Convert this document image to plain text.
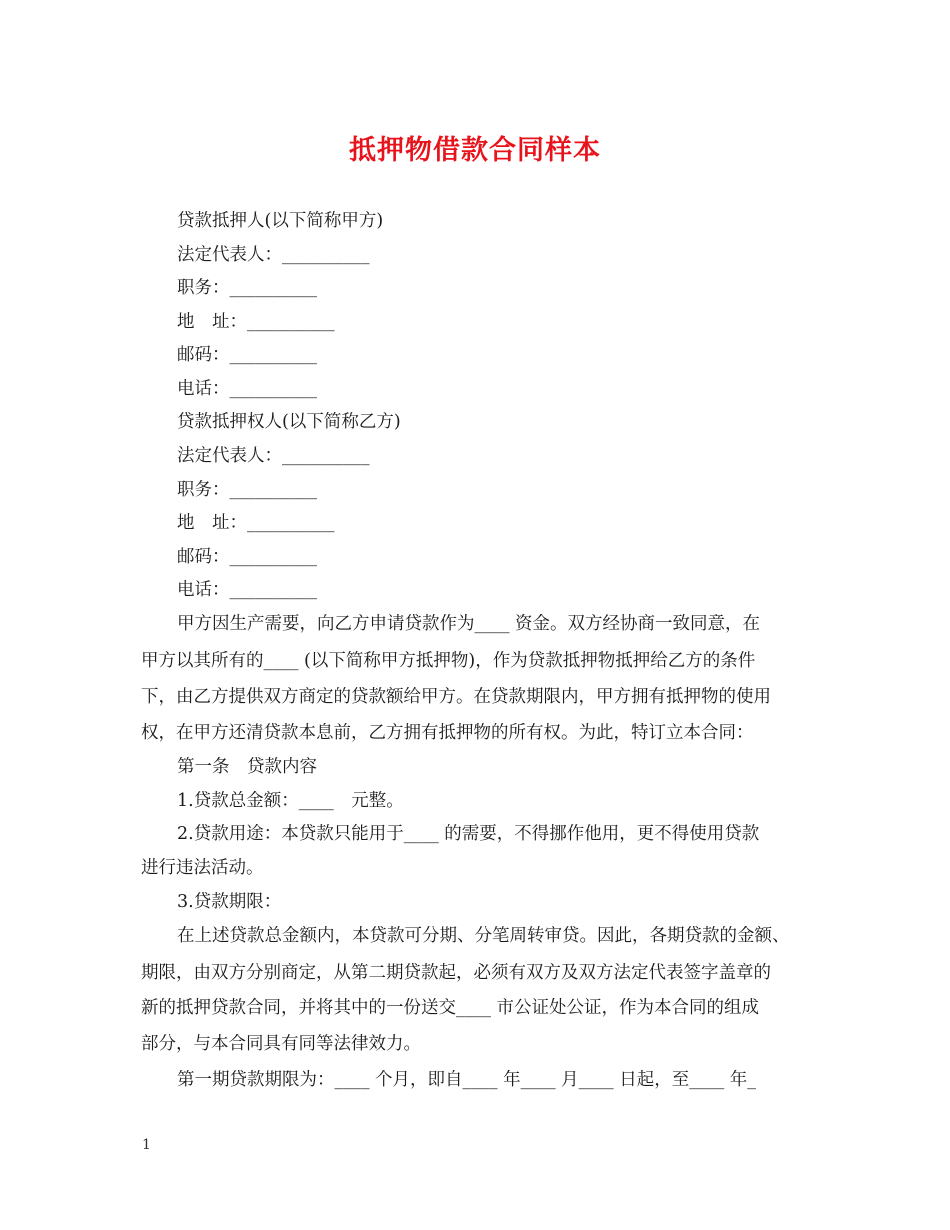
抵押物借款合同样本
贷款抵押人(以下简称甲方)
法定代表人：__________
职务：__________
地　址：__________
邮码：__________
电话：__________
贷款抵押权人(以下简称乙方)
法定代表人：__________
职务：__________
地　址：__________
邮码：__________
电话：__________
甲方因生产需要，向乙方申请贷款作为____ 资金。双方经协商一致同意，在
甲方以其所有的____ (以下简称甲方抵押物)，作为贷款抵押物抵押给乙方的条件
下，由乙方提供双方商定的贷款额给甲方。在贷款期限内，甲方拥有抵押物的使用
权，在甲方还清贷款本息前，乙方拥有抵押物的所有权。为此，特订立本合同：
第一条　贷款内容
1.贷款总金额：____　元整。
2.贷款用途：本贷款只能用于____ 的需要，不得挪作他用，更不得使用贷款
进行违法活动。
3.贷款期限：
在上述贷款总金额内，本贷款可分期、分笔周转审贷。因此，各期贷款的金额、
期限，由双方分别商定，从第二期贷款起，必须有双方及双方法定代表签字盖章的
新的抵押贷款合同，并将其中的一份送交____ 市公证处公证，作为本合同的组成
部分，与本合同具有同等法律效力。
第一期贷款期限为：____ 个月，即自____ 年____ 月____ 日起，至____ 年_
1
